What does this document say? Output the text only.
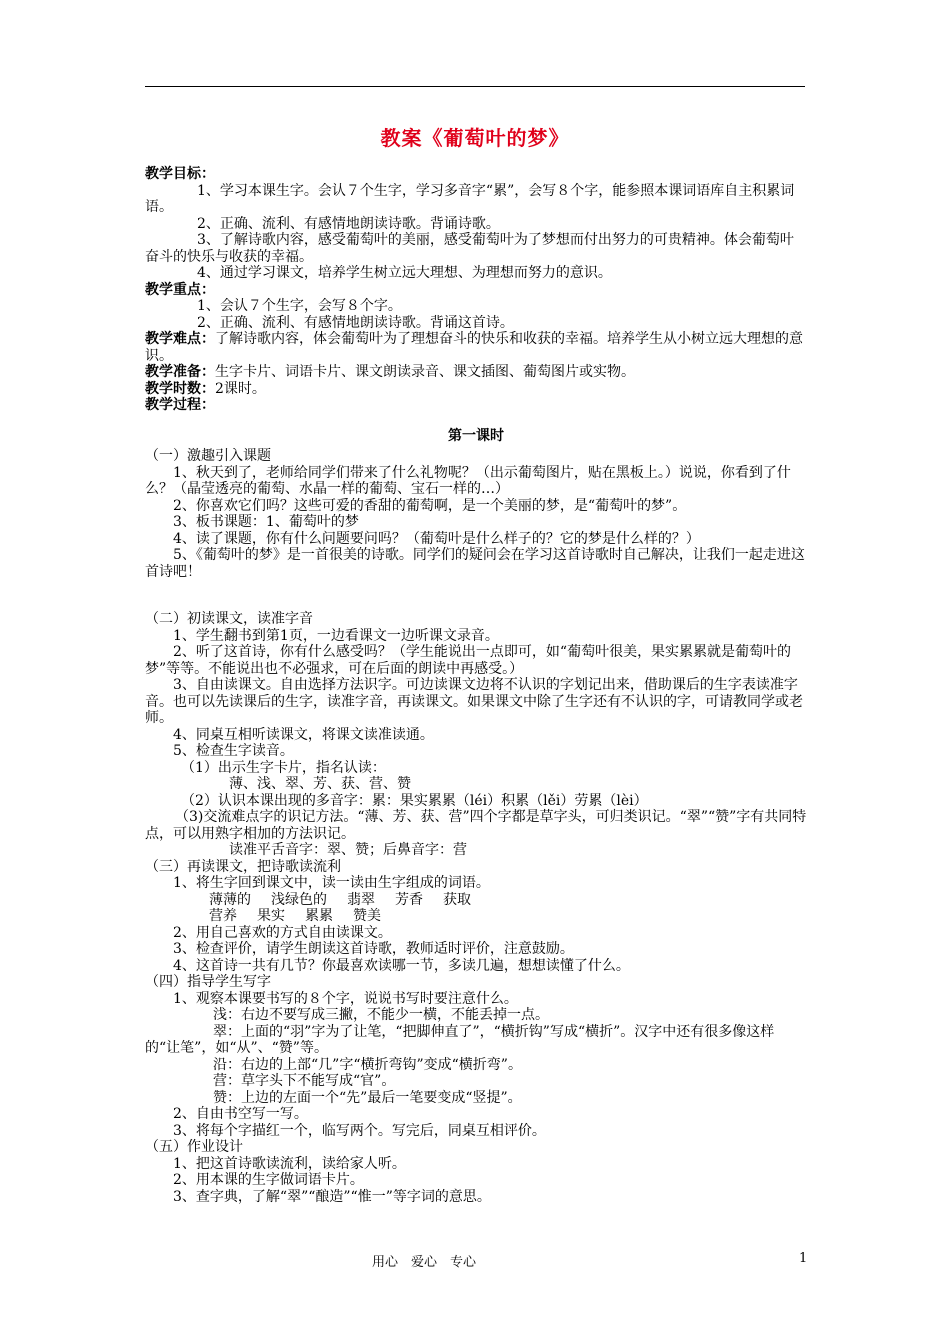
教案《葡萄叶的梦》

教学目标：

1、学习本课生字。会认７个生字，学习多音字“累”，会写８个字，能参照本课词语库自主积累词语。

2、正确、流利、有感情地朗读诗歌。背诵诗歌。

3、了解诗歌内容，感受葡萄叶的美丽，感受葡萄叶为了梦想而付出努力的可贵精神。体会葡萄叶奋斗的快乐与收获的幸福。

4、通过学习课文，培养学生树立远大理想、为理想而努力的意识。

教学重点：

1、会认７个生字，会写８个字。

2、正确、流利、有感情地朗读诗歌。背诵这首诗。

教学难点：了解诗歌内容，体会葡萄叶为了理想奋斗的快乐和收获的幸福。培养学生从小树立远大理想的意识。

教学准备：生字卡片、词语卡片、课文朗读录音、课文插图、葡萄图片或实物。

教学时数：2课时。

教学过程：

第一课时

（一）激趣引入课题

1、秋天到了，老师给同学们带来了什么礼物呢？（出示葡萄图片，贴在黑板上。）说说，你看到了什么？（晶莹透亮的葡萄、水晶一样的葡萄、宝石一样的…）

2、你喜欢它们吗？这些可爱的香甜的葡萄啊，是一个美丽的梦，是“葡萄叶的梦”。

3、板书课题：1、葡萄叶的梦

4、读了课题，你有什么问题要问吗？（葡萄叶是什么样子的？它的梦是什么样的？）

5、《葡萄叶的梦》是一首很美的诗歌。同学们的疑问会在学习这首诗歌时自己解决，让我们一起走进这首诗吧！

（二）初读课文，读准字音

1、学生翻书到第1页，一边看课文一边听课文录音。

2、听了这首诗，你有什么感受吗？（学生能说出一点即可，如“葡萄叶很美，果实累累就是葡萄叶的梦”等等。不能说出也不必强求，可在后面的朗读中再感受。）

3、自由读课文。自由选择方法识字。可边读课文边将不认识的字划记出来，借助课后的生字表读准字音。也可以先读课后的生字，读准字音，再读课文。如果课文中除了生字还有不认识的字，可请教同学或老师。

4、同桌互相听读课文，将课文读准读通。

5、检查生字读音。

（1）出示生字卡片，指名认读：

薄、浅、翠、芳、获、营、赞

（2）认识本课出现的多音字：累：果实累累（léi）积累（lěi）劳累（lèi）

（3)交流难点字的识记方法。“薄、芳、获、营”四个字都是草字头，可归类识记。“翠”“赞”字有共同特点，可以用熟字相加的方法识记。

读准平舌音字：翠、赞；后鼻音字：营

（三）再读课文，把诗歌读流利

1、将生字回到课文中，读一读由生字组成的词语。

薄薄的 浅绿色的 翡翠 芳香 获取

营养 果实 累累 赞美

2、用自己喜欢的方式自由读课文。

3、检查评价，请学生朗读这首诗歌，教师适时评价，注意鼓励。

4、这首诗一共有几节？你最喜欢读哪一节，多读几遍，想想读懂了什么。

（四）指导学生写字

1、观察本课要书写的８个字，说说书写时要注意什么。

浅：右边不要写成三撇，不能少一横，不能丢掉一点。

翠：上面的“羽”字为了让笔，“把脚伸直了”，“横折钩”写成“横折”。汉字中还有很多像这样的“让笔”，如“从”、“赞”等。

沿：右边的上部“几”字“横折弯钩”变成“横折弯”。

营：草字头下不能写成“官”。

赞：上边的左面一个“先”最后一笔要变成“竖提”。

2、自由书空写一写。

3、将每个字描红一个，临写两个。写完后，同桌互相评价。

（五）作业设计

1、把这首诗歌读流利，读给家人听。

2、用本课的生字做词语卡片。

3、查字典，了解“翠”“酿造”“惟一”等字词的意思。

用心　爱心　专心	1
